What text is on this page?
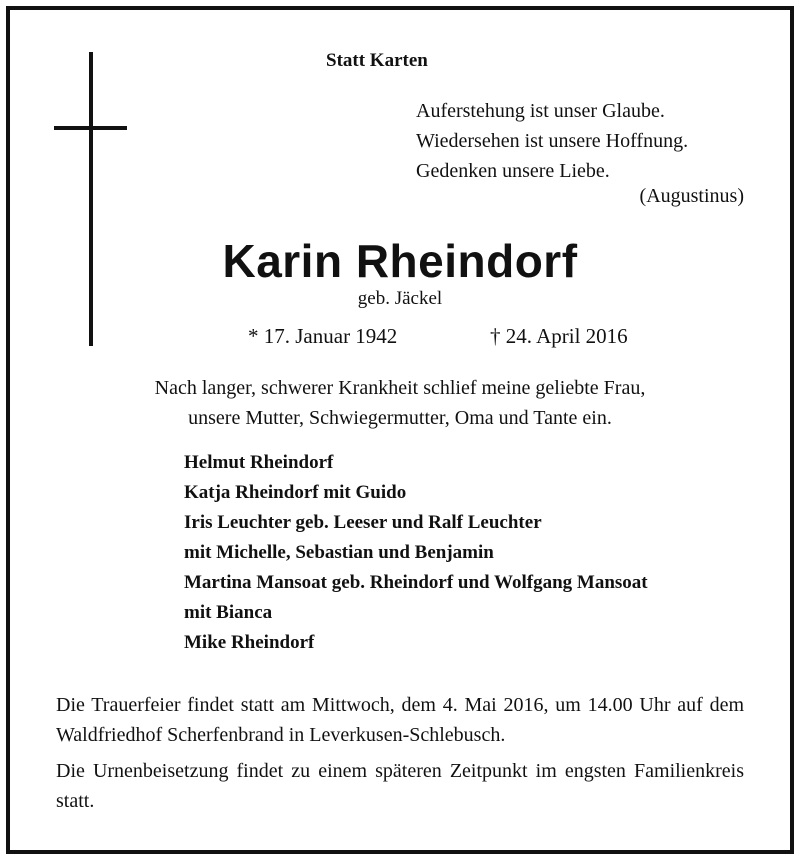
Statt Karten
Auferstehung ist unser Glaube.
Wiedersehen ist unsere Hoffnung.
Gedenken unsere Liebe.
(Augustinus)
Karin Rheindorf
geb. Jäckel
* 17. Januar 1942	† 24. April 2016
Nach langer, schwerer Krankheit schlief meine geliebte Frau,
unsere Mutter, Schwiegermutter, Oma und Tante ein.
Helmut Rheindorf
Katja Rheindorf mit Guido
Iris Leuchter geb. Leeser und Ralf Leuchter
mit Michelle, Sebastian und Benjamin
Martina Mansoat geb. Rheindorf und Wolfgang Mansoat
mit Bianca
Mike Rheindorf
Die Trauerfeier findet statt am Mittwoch, dem 4. Mai 2016, um 14.00 Uhr auf dem Waldfriedhof Scherfenbrand in Leverkusen-Schlebusch.
Die Urnenbeisetzung findet zu einem späteren Zeitpunkt im engsten Familienkreis statt.
